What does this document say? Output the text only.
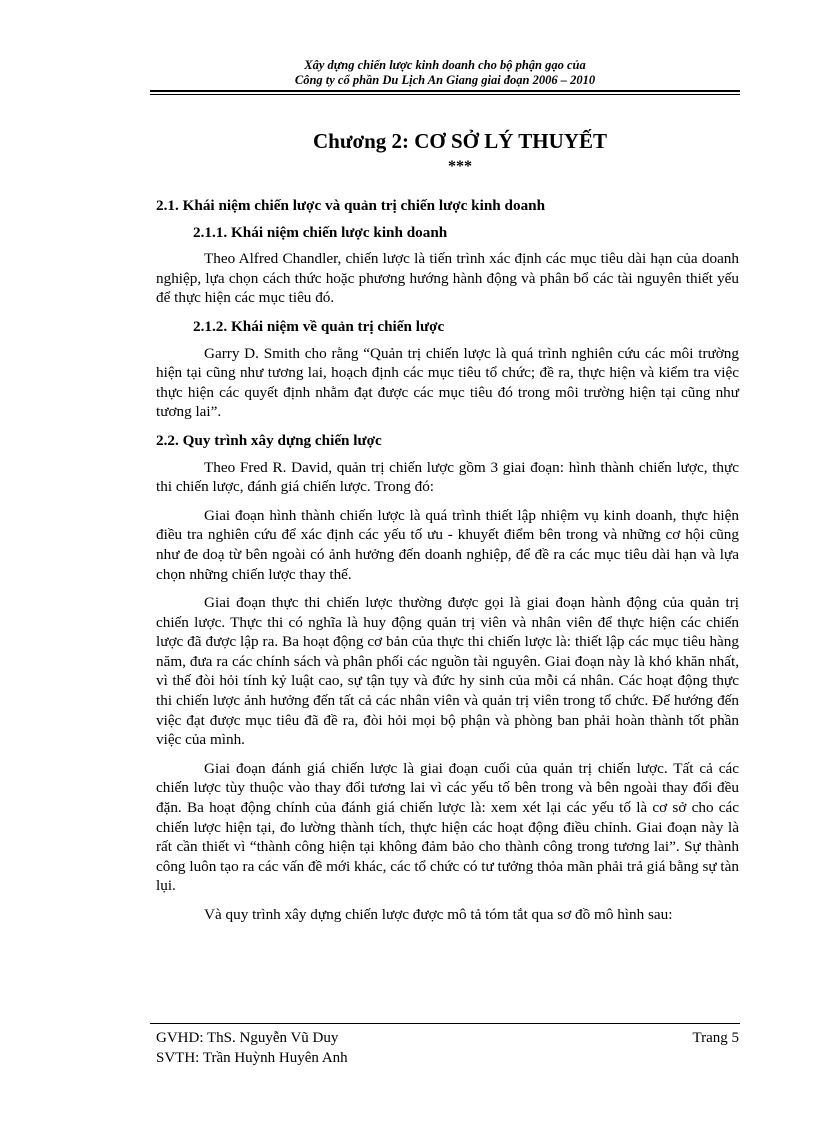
Xây dựng chiến lược kinh doanh cho bộ phận gạo của
Công ty cổ phần Du Lịch An Giang giai đoạn 2006 – 2010
Chương 2: CƠ SỞ LÝ THUYẾT
***
2.1. Khái niệm chiến lược và quản trị chiến lược kinh doanh
2.1.1. Khái niệm chiến lược kinh doanh
Theo Alfred Chandler, chiến lược là tiến trình xác định các mục tiêu dài hạn của doanh nghiệp, lựa chọn cách thức hoặc phương hướng hành động và phân bổ các tài nguyên thiết yếu để thực hiện các mục tiêu đó.
2.1.2. Khái niệm về quản trị chiến lược
Garry D. Smith cho rằng “Quản trị chiến lược là quá trình nghiên cứu các môi trường hiện tại cũng như tương lai, hoạch định các mục tiêu tổ chức; đề ra, thực hiện và kiểm tra việc thực hiện các quyết định nhằm đạt được các mục tiêu đó trong môi trường hiện tại cũng như tương lai”.
2.2. Quy trình xây dựng chiến lược
Theo Fred R. David, quản trị chiến lược gồm 3 giai đoạn: hình thành chiến lược, thực thi chiến lược, đánh giá chiến lược. Trong đó:
Giai đoạn hình thành chiến lược là quá trình thiết lập nhiệm vụ kinh doanh, thực hiện điều tra nghiên cứu để xác định các yếu tố ưu - khuyết điểm bên trong và những cơ hội cũng như đe doạ từ bên ngoài có ảnh hưởng đến doanh nghiệp, để đề ra các mục tiêu dài hạn và lựa chọn những chiến lược thay thế.
Giai đoạn thực thi chiến lược thường được gọi là giai đoạn hành động của quản trị chiến lược. Thực thi có nghĩa là huy động quản trị viên và nhân viên để thực hiện các chiến lược đã được lập ra. Ba hoạt động cơ bản của thực thi chiến lược là: thiết lập các mục tiêu hàng năm, đưa ra các chính sách và phân phối các nguồn tài nguyên. Giai đoạn này là khó khăn nhất, vì thế đòi hỏi tính kỷ luật cao, sự tận tụy và đức hy sinh của mỗi cá nhân. Các hoạt động thực thi chiến lược ảnh hưởng đến tất cả các nhân viên và quản trị viên trong tổ chức. Để hướng đến việc đạt được mục tiêu đã đề ra, đòi hỏi mọi bộ phận và phòng ban phải hoàn thành tốt phần việc của mình.
Giai đoạn đánh giá chiến lược là giai đoạn cuối của quản trị chiến lược. Tất cả các chiến lược tùy thuộc vào thay đổi tương lai vì các yếu tố bên trong và bên ngoài thay đổi đều đặn. Ba hoạt động chính của đánh giá chiến lược là: xem xét lại các yếu tố là cơ sở cho các chiến lược hiện tại, đo lường thành tích, thực hiện các hoạt động điều chỉnh. Giai đoạn này là rất cần thiết vì “thành công hiện tại không đảm bảo cho thành công trong tương lai”. Sự thành công luôn tạo ra các vấn đề mới khác, các tổ chức có tư tưởng thỏa mãn phải trả giá bằng sự tàn lụi.
Và quy trình xây dựng chiến lược được mô tả tóm tắt qua sơ đồ mô hình sau:
GVHD: ThS. Nguyễn Vũ Duy	Trang 5
SVTH: Trần Huỳnh Huyên Anh
